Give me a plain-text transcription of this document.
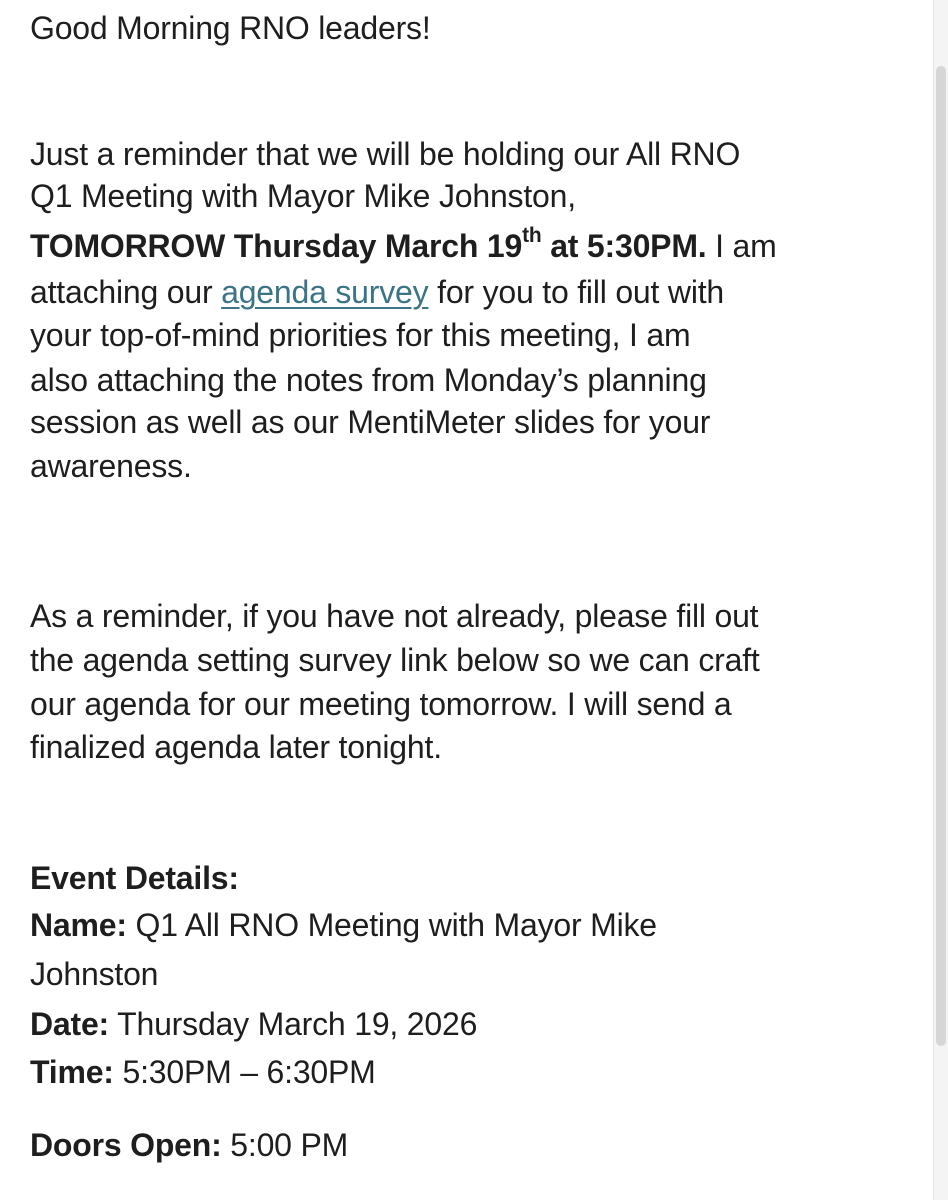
Good Morning RNO leaders!
Just a reminder that we will be holding our All RNO
Q1 Meeting with Mayor Mike Johnston,
TOMORROW Thursday March 19th at 5:30PM. I am
attaching our agenda survey for you to fill out with
your top-of-mind priorities for this meeting, I am
also attaching the notes from Monday’s planning
session as well as our MentiMeter slides for your
awareness.
As a reminder, if you have not already, please fill out
the agenda setting survey link below so we can craft
our agenda for our meeting tomorrow. I will send a
finalized agenda later tonight.
Event Details:
Name: Q1 All RNO Meeting with Mayor Mike
Johnston
Date: Thursday March 19, 2026
Time: 5:30PM – 6:30PM
Doors Open: 5:00 PM
